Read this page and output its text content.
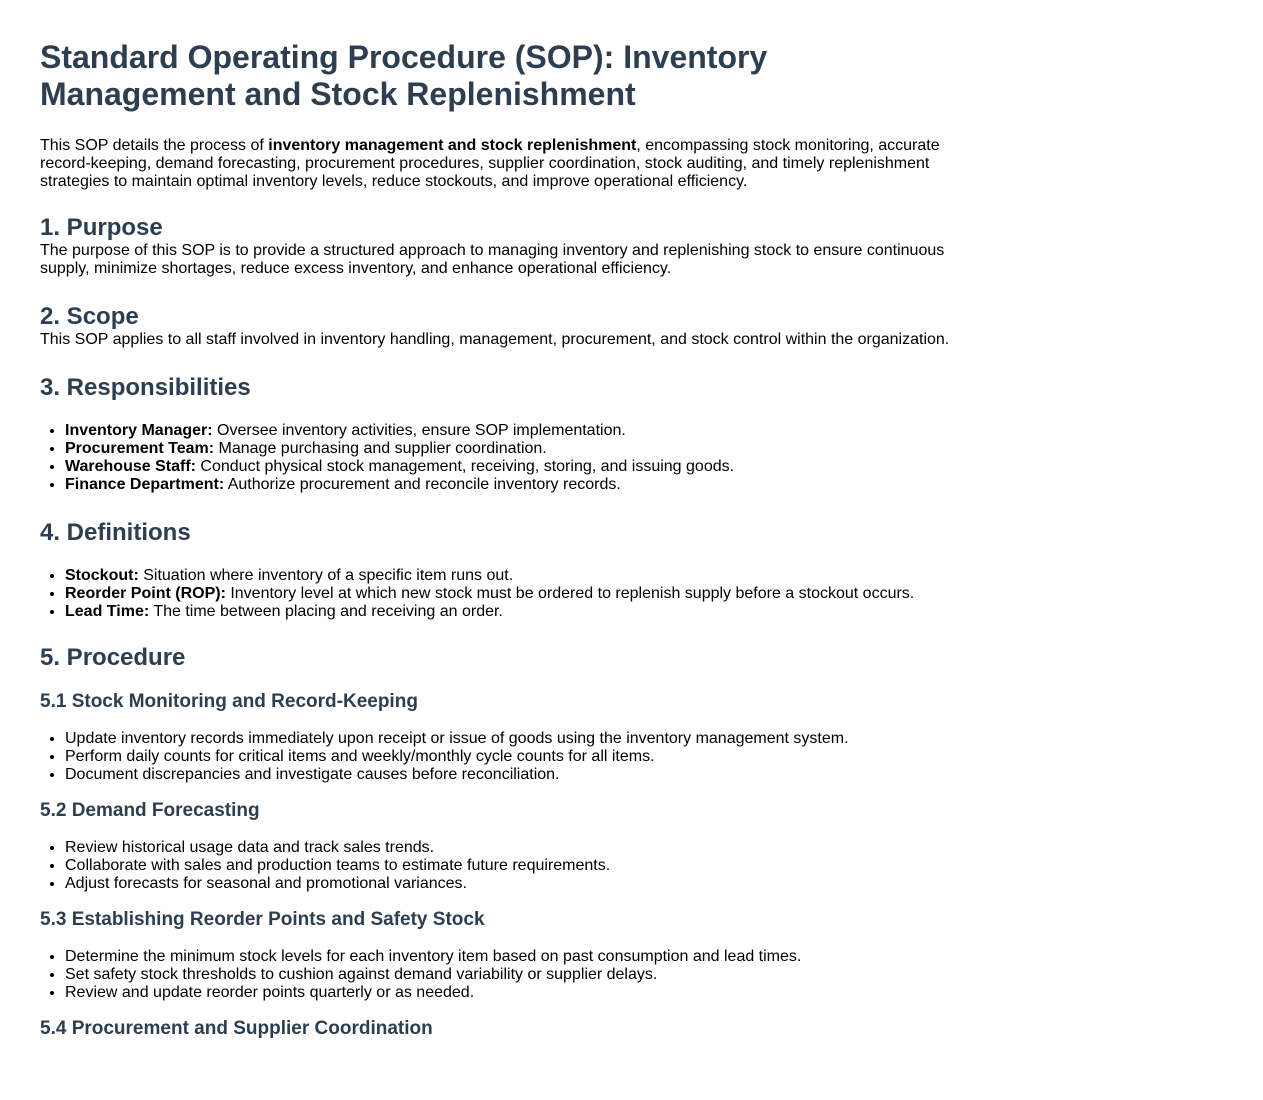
Standard Operating Procedure (SOP): Inventory Management and Stock Replenishment

This SOP details the process of inventory management and stock replenishment, encompassing stock monitoring, accurate record-keeping, demand forecasting, procurement procedures, supplier coordination, stock auditing, and timely replenishment strategies to maintain optimal inventory levels, reduce stockouts, and improve operational efficiency.

1. Purpose

The purpose of this SOP is to provide a structured approach to managing inventory and replenishing stock to ensure continuous supply, minimize shortages, reduce excess inventory, and enhance operational efficiency.

2. Scope

This SOP applies to all staff involved in inventory handling, management, procurement, and stock control within the organization.

3. Responsibilities
• Inventory Manager: Oversee inventory activities, ensure SOP implementation.
• Procurement Team: Manage purchasing and supplier coordination.
• Warehouse Staff: Conduct physical stock management, receiving, storing, and issuing goods.
• Finance Department: Authorize procurement and reconcile inventory records.
4. Definitions
• Stockout: Situation where inventory of a specific item runs out.
• Reorder Point (ROP): Inventory level at which new stock must be ordered to replenish supply before a stockout occurs.
• Lead Time: The time between placing and receiving an order.
5. Procedure
5.1 Stock Monitoring and Record-Keeping
• Update inventory records immediately upon receipt or issue of goods using the inventory management system.
• Perform daily counts for critical items and weekly/monthly cycle counts for all items.
• Document discrepancies and investigate causes before reconciliation.
5.2 Demand Forecasting
• Review historical usage data and track sales trends.
• Collaborate with sales and production teams to estimate future requirements.
• Adjust forecasts for seasonal and promotional variances.
5.3 Establishing Reorder Points and Safety Stock
• Determine the minimum stock levels for each inventory item based on past consumption and lead times.
• Set safety stock thresholds to cushion against demand variability or supplier delays.
• Review and update reorder points quarterly or as needed.
5.4 Procurement and Supplier Coordination
